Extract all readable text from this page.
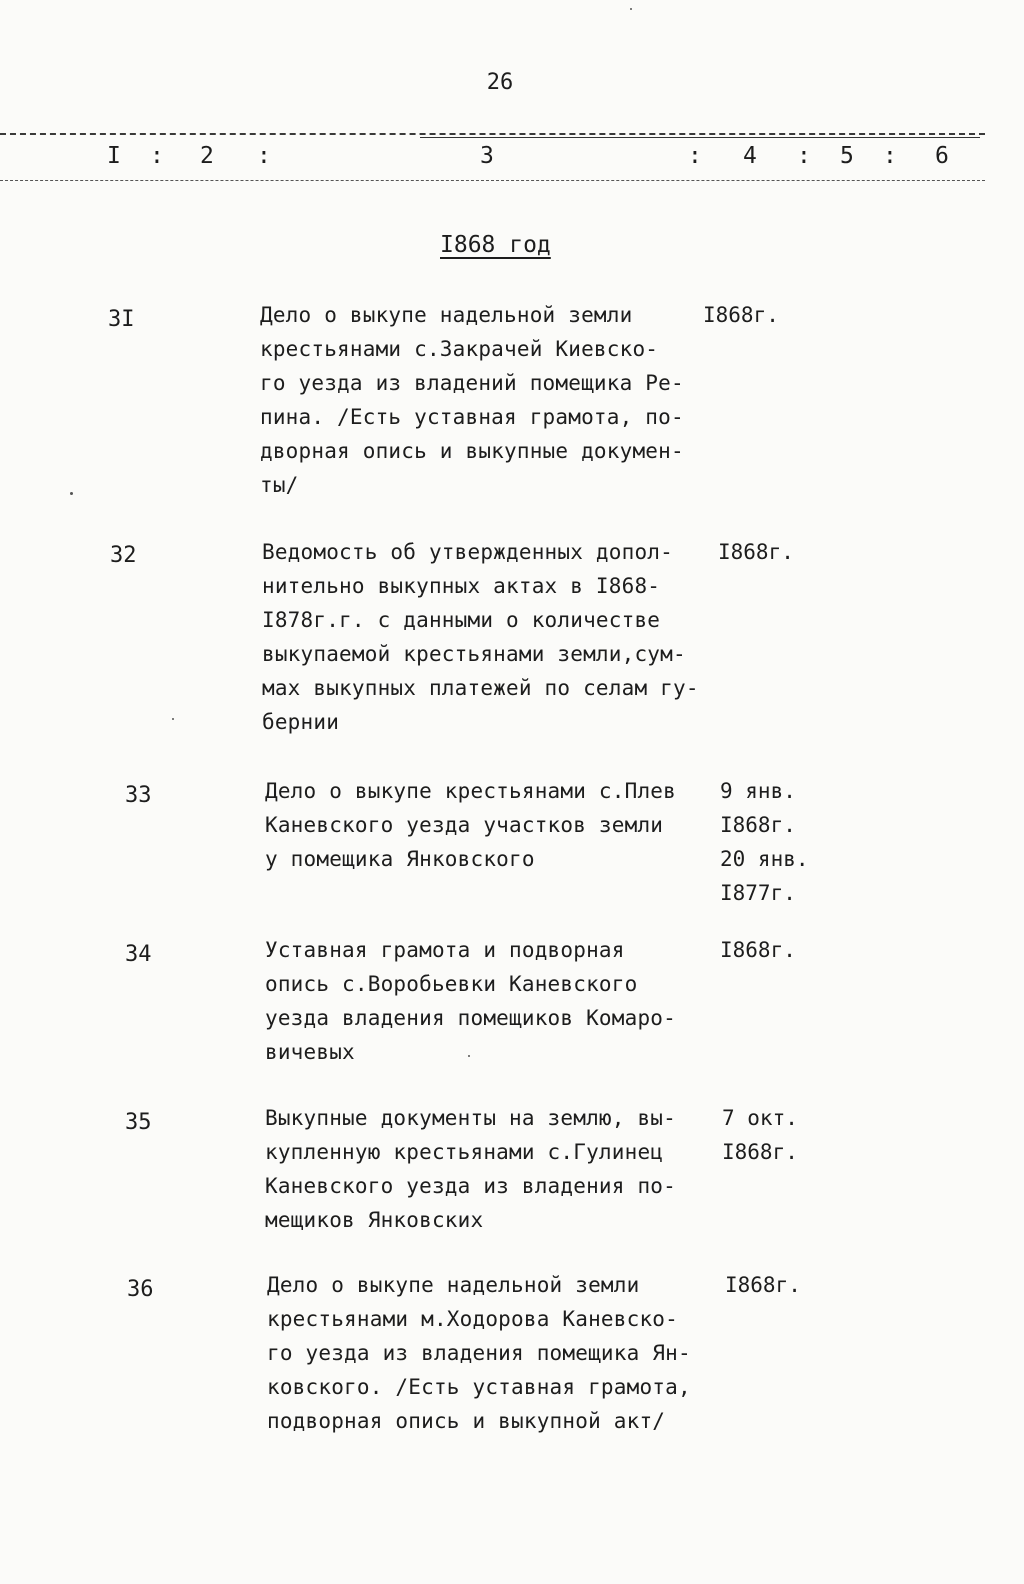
26
I : 2 :	3	: 4 : 5 : 6
I868 год
3I	Дело о выкупе надельной земли
крестьянами с.Закрачей Киевско-
го уезда из владений помещика Ре-
пина. /Есть уставная грамота, по-
дворная опись и выкупные докумен-
ты/
I868г.
32	Ведомость об утвержденных допол-
нительно выкупных актах в I868-
I878г.г. с данными о количестве
выкупаемой крестьянами земли,сум-
мах выкупных платежей по селам гу-
бернии
I868г.
33	Дело о выкупе крестьянами с.Плев
Каневского уезда участков земли
у помещика Янковского
9 янв.
I868г.
20 янв.
I877г.
34	Уставная грамота и подворная
опись с.Воробьевки Каневского
уезда владения помещиков Комаро-
вичевых
I868г.
35	Выкупные документы на землю, вы-
купленную крестьянами с.Гулинец
Каневского уезда из владения по-
мещиков Янковских
7 окт.
I868г.
36	Дело о выкупе надельной земли
крестьянами м.Ходорова Каневско-
го уезда из владения помещика Ян-
ковского. /Есть уставная грамота,
подворная опись и выкупной акт/
I868г.
